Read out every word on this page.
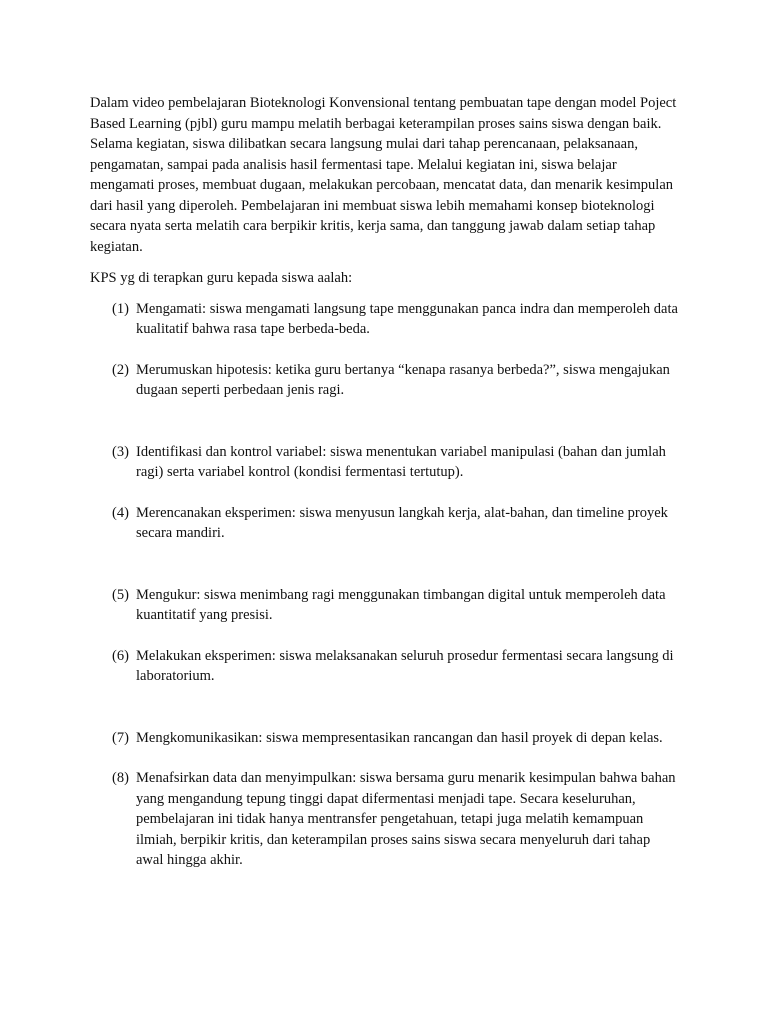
Dalam video pembelajaran Bioteknologi Konvensional tentang pembuatan tape dengan model Poject Based Learning (pjbl) guru mampu melatih berbagai keterampilan proses sains siswa dengan baik. Selama kegiatan, siswa dilibatkan secara langsung mulai dari tahap perencanaan, pelaksanaan, pengamatan, sampai pada analisis hasil fermentasi tape. Melalui kegiatan ini, siswa belajar mengamati proses, membuat dugaan, melakukan percobaan, mencatat data, dan menarik kesimpulan dari hasil yang diperoleh. Pembelajaran ini membuat siswa lebih memahami konsep bioteknologi secara nyata serta melatih cara berpikir kritis, kerja sama, dan tanggung jawab dalam setiap tahap kegiatan.

KPS yg di terapkan guru kepada siswa aalah:

(1) Mengamati: siswa mengamati langsung tape menggunakan panca indra dan memperoleh data kualitatif bahwa rasa tape berbeda-beda.
(2) Merumuskan hipotesis: ketika guru bertanya “kenapa rasanya berbeda?”, siswa mengajukan dugaan seperti perbedaan jenis ragi.
(3) Identifikasi dan kontrol variabel: siswa menentukan variabel manipulasi (bahan dan jumlah ragi) serta variabel kontrol (kondisi fermentasi tertutup).
(4) Merencanakan eksperimen: siswa menyusun langkah kerja, alat-bahan, dan timeline proyek secara mandiri.
(5) Mengukur: siswa menimbang ragi menggunakan timbangan digital untuk memperoleh data kuantitatif yang presisi.
(6) Melakukan eksperimen: siswa melaksanakan seluruh prosedur fermentasi secara langsung di laboratorium.
(7) Mengkomunikasikan: siswa mempresentasikan rancangan dan hasil proyek di depan kelas.
(8) Menafsirkan data dan menyimpulkan: siswa bersama guru menarik kesimpulan bahwa bahan yang mengandung tepung tinggi dapat difermentasi menjadi tape. Secara keseluruhan, pembelajaran ini tidak hanya mentransfer pengetahuan, tetapi juga melatih kemampuan ilmiah, berpikir kritis, dan keterampilan proses sains siswa secara menyeluruh dari tahap awal hingga akhir.
